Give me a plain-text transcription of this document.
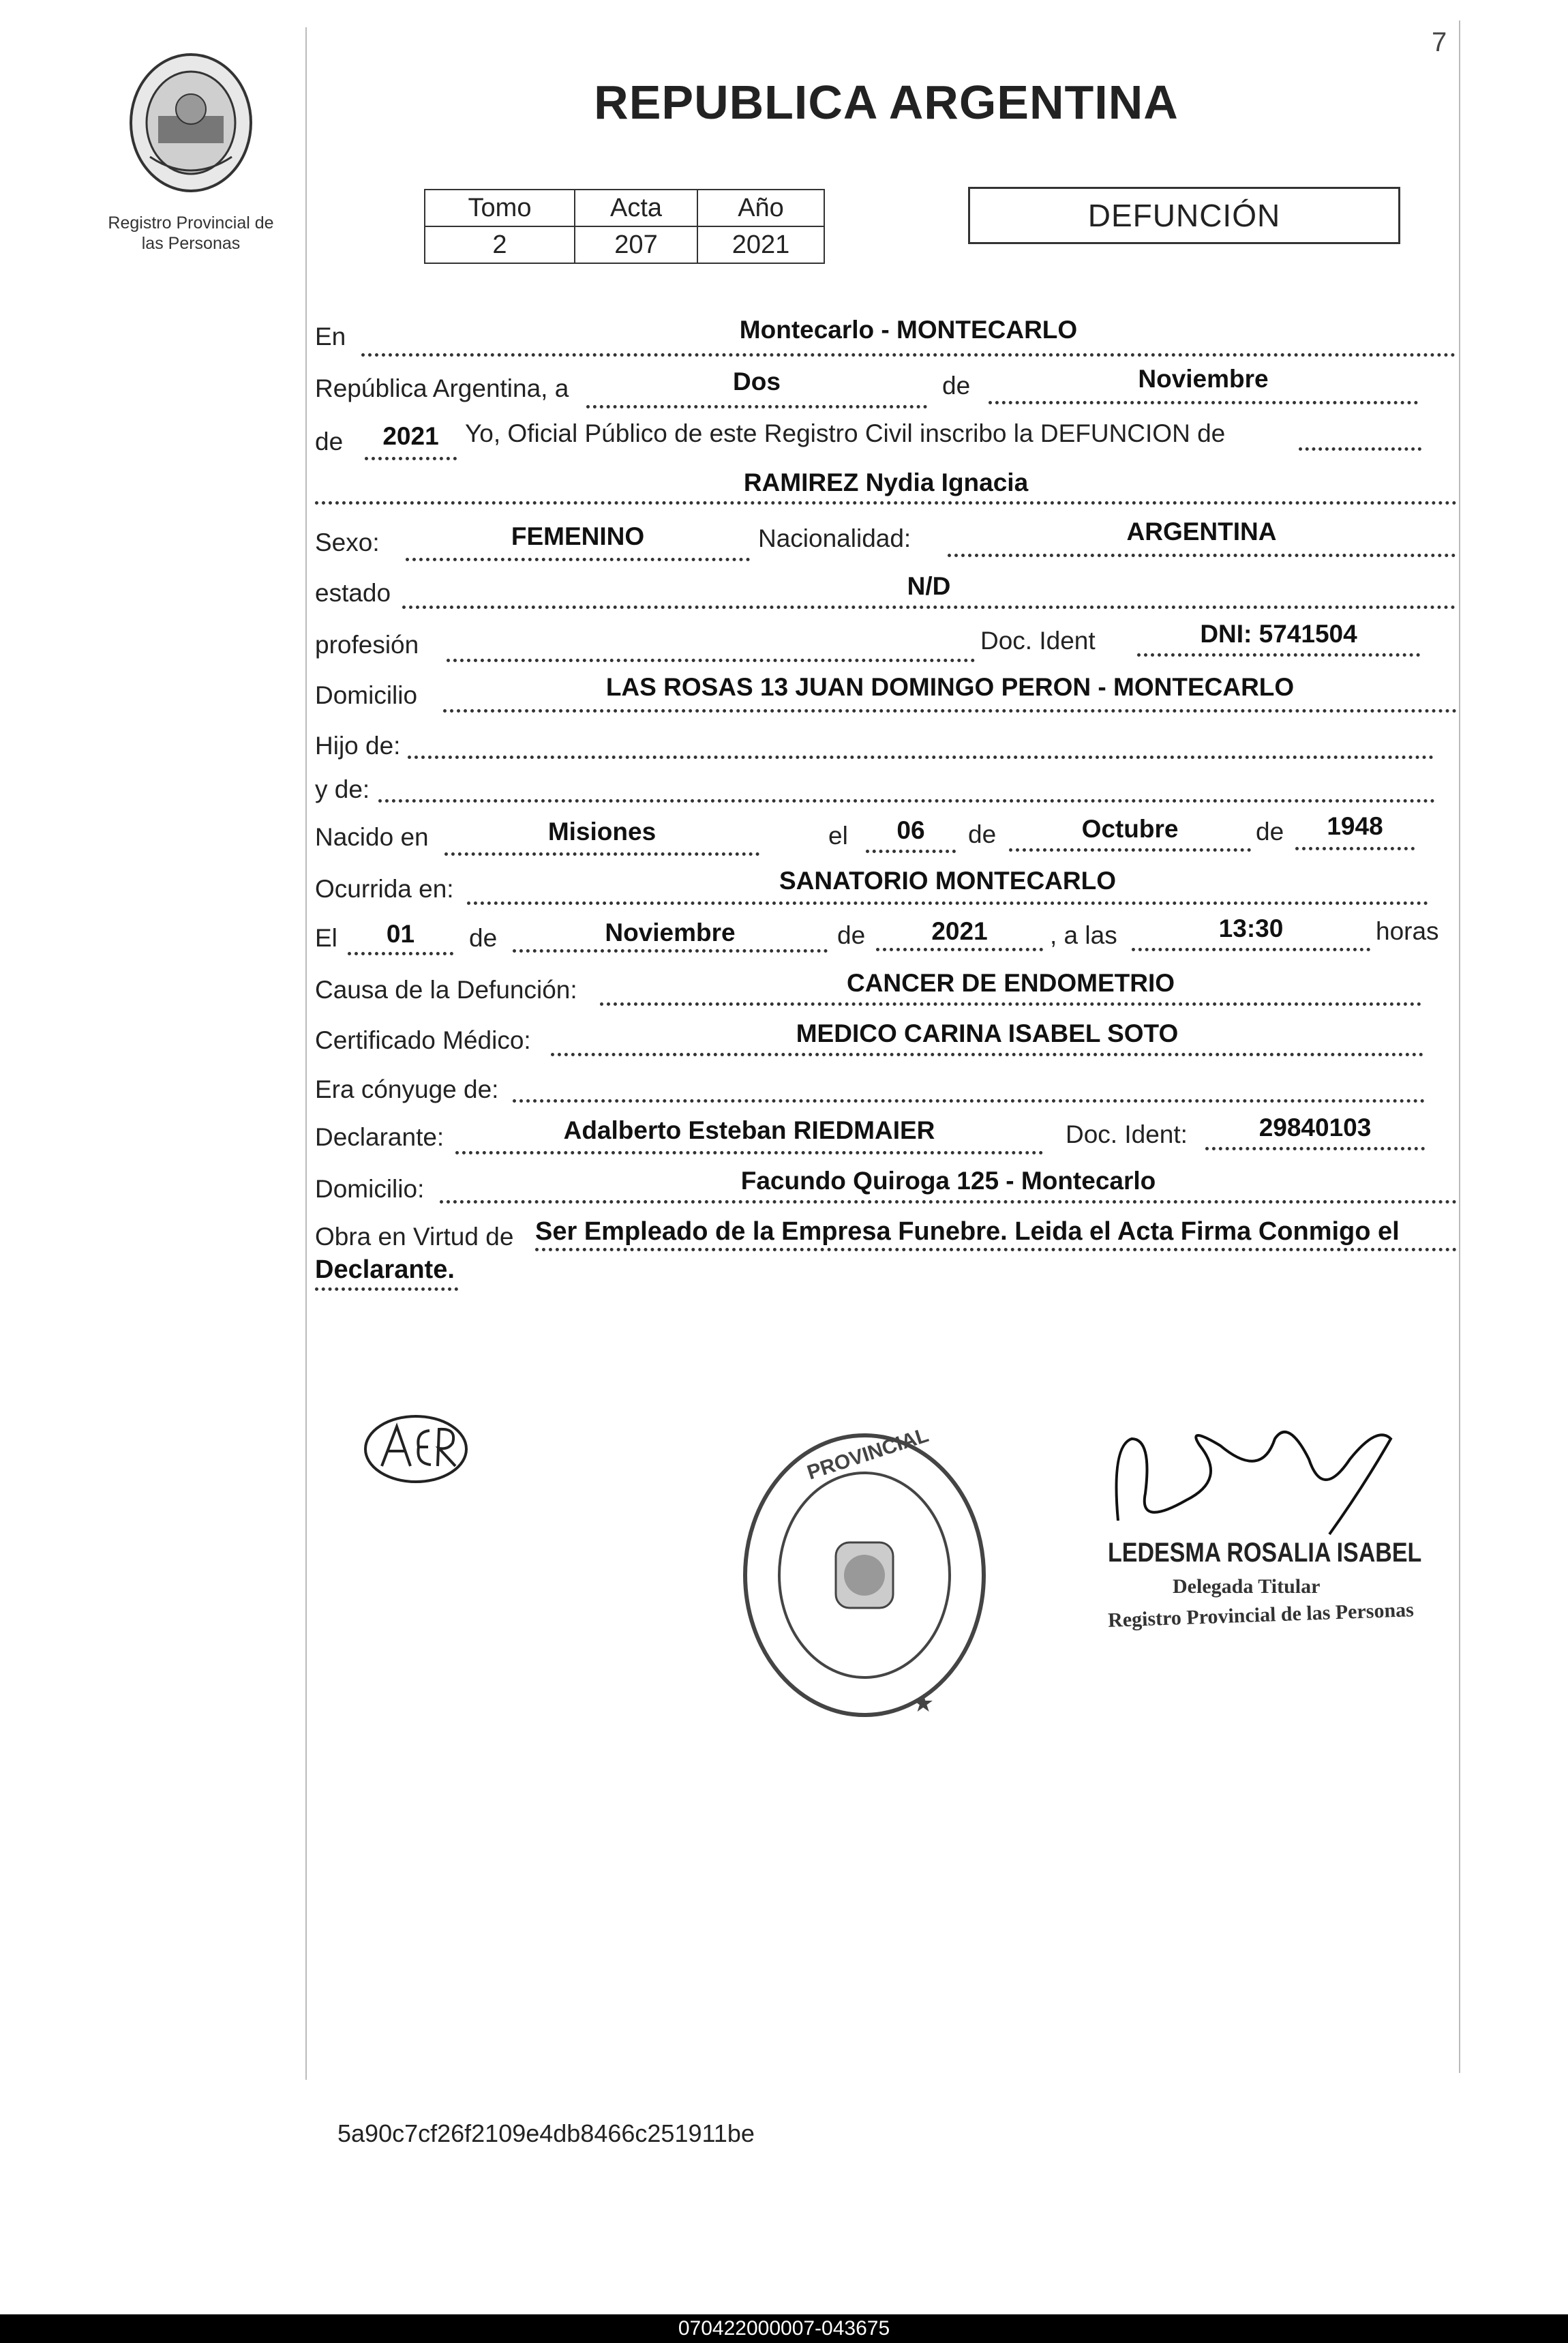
7
Registro Provincial de
las Personas
REPUBLICA ARGENTINA
Tomo	Acta	Año
2	207	2021
DEFUNCIÓN
En	Montecarlo - MONTECARLO
República Argentina, a	Dos	de	Noviembre
de	2021	Yo, Oficial Público de este Registro Civil inscribo la DEFUNCION de
RAMIREZ Nydia Ignacia
Sexo:	FEMENINO	Nacionalidad:	ARGENTINA
estado	N/D
profesión	Doc. Ident	DNI: 5741504
Domicilio	LAS ROSAS 13 JUAN DOMINGO PERON - MONTECARLO
Hijo de:
y de:
Nacido en	Misiones	el	06	de	Octubre	de	1948
Ocurrida en:	SANATORIO MONTECARLO
El	01	de	Noviembre	de	2021	, a las	13:30	horas
Causa de la Defunción:	CANCER DE ENDOMETRIO
Certificado Médico:	MEDICO CARINA ISABEL SOTO
Era cónyuge de:
Declarante:	Adalberto Esteban RIEDMAIER	Doc. Ident:	29840103
Domicilio:	Facundo Quiroga 125 - Montecarlo
Obra en Virtud de Ser Empleado de la Empresa Funebre. Leida el Acta Firma Conmigo el
Declarante.
PROVINCIAL
★
LEDESMA ROSALIA ISABEL
Delegada Titular
Registro Provincial de las Personas
5a90c7cf26f2109e4db8466c251911be
070422000007-043675
